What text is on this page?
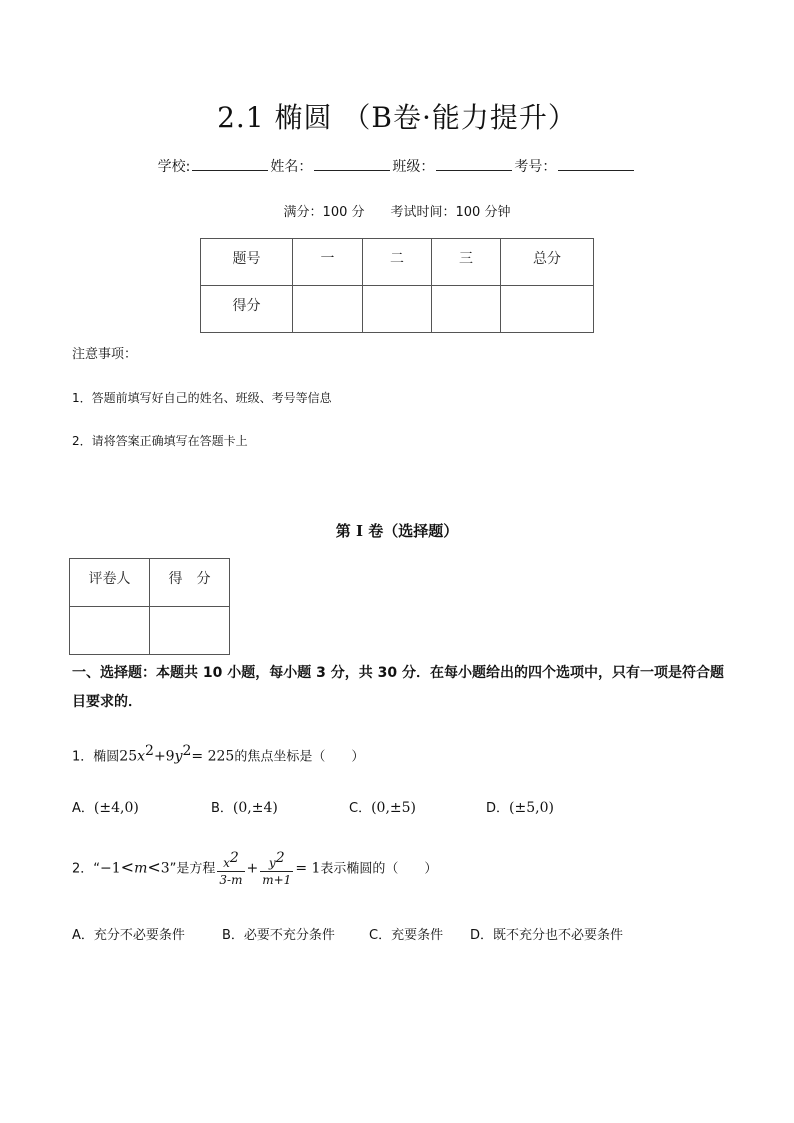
2.1 椭圆 （B卷·能力提升）
学校:	姓名：	班级：	考号：
满分：100 分 考试时间：100 分钟
题号	一	二	三	总分
得分				
注意事项：
1．答题前填写好自己的姓名、班级、考号等信息
2．请将答案正确填写在答题卡上
第 I 卷（选择题）
评卷人	得　分

一、选择题：本题共 10 小题，每小题 3 分，共 30 分．在每小题给出的四个选项中，只有一项是符合题目要求的．
1．椭圆$25x^2+9y^2= 225$的焦点坐标是（　　）
A．(±4,0)	B．(0,±4)	C．(0,±5)	D．(±5,0)
2．“−1<m<3”是方程 $\frac{x^2}{3-m} + \frac{y^2}{m+1} = 1$表示椭圆的（　　）
A．充分不必要条件	B．必要不充分条件	C．充要条件 D．既不充分也不必要条件
